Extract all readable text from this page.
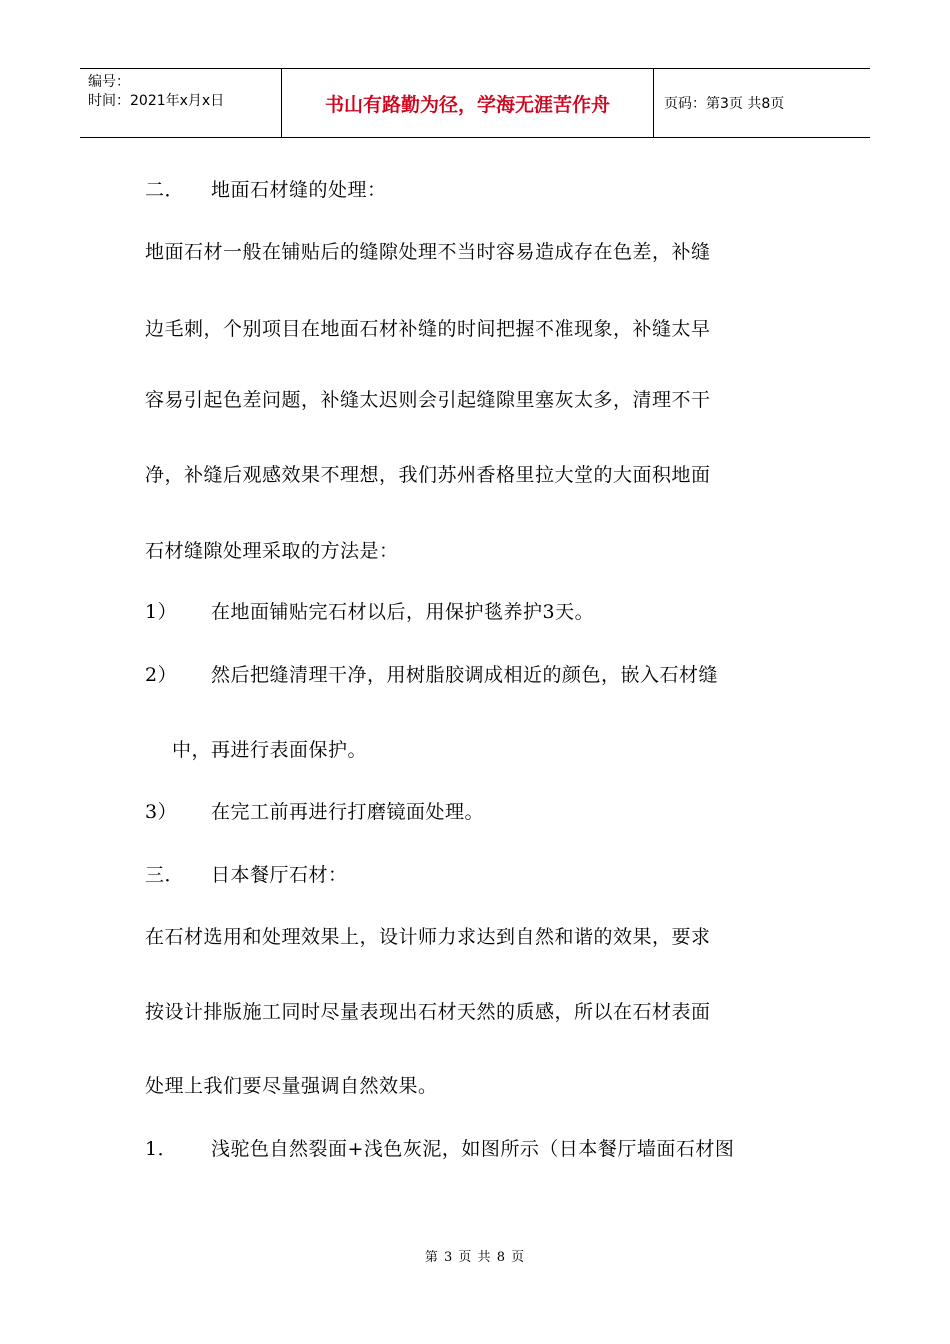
编号：
时间：2021年x月x日	书山有路勤为径，学海无涯苦作舟	页码：第3页 共8页
二． 地面石材缝的处理：
地面石材一般在铺贴后的缝隙处理不当时容易造成存在色差，补缝
边毛刺，个别项目在地面石材补缝的时间把握不准现象，补缝太早
容易引起色差问题，补缝太迟则会引起缝隙里塞灰太多，清理不干
净，补缝后观感效果不理想，我们苏州香格里拉大堂的大面积地面
石材缝隙处理采取的方法是：
1） 在地面铺贴完石材以后，用保护毯养护3天。
2） 然后把缝清理干净，用树脂胶调成相近的颜色，嵌入石材缝
中，再进行表面保护。
3） 在完工前再进行打磨镜面处理。
三． 日本餐厅石材：
在石材选用和处理效果上，设计师力求达到自然和谐的效果，要求
按设计排版施工同时尽量表现出石材天然的质感，所以在石材表面
处理上我们要尽量强调自然效果。
1． 浅驼色自然裂面+浅色灰泥，如图所示（日本餐厅墙面石材图
第 3 页 共 8 页
